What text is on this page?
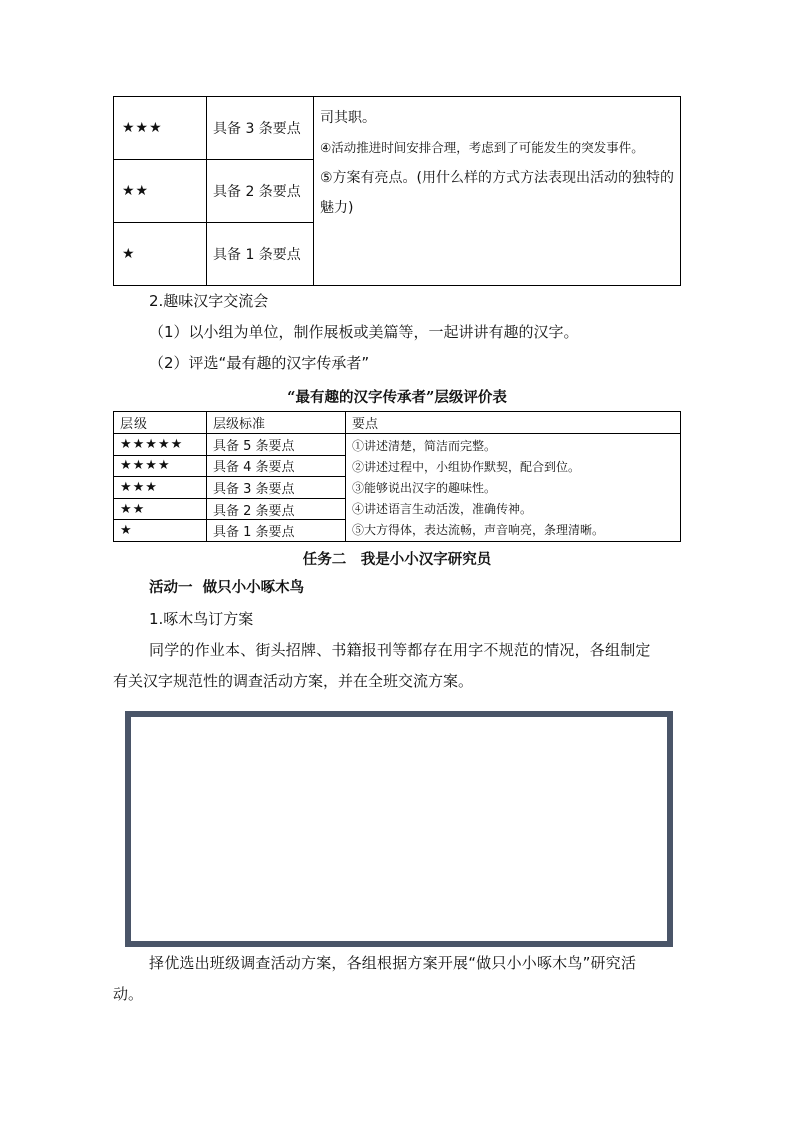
★★★	具备 3 条要点	司其职。
④活动推进时间安排合理，考虑到了可能发生的突发事件。
⑤方案有亮点。(用什么样的方式方法表现出活动的独特的魅力)

★★	具备 2 条要点	
★	具备 1 条要点	
2.趣味汉字交流会
（1）以小组为单位，制作展板或美篇等，一起讲讲有趣的汉字。
（2）评选“最有趣的汉字传承者”
“最有趣的汉字传承者”层级评价表
层级	层级标准	要点
★★★★★	具备 5 条要点	①讲述清楚，简洁而完整。
②讲述过程中，小组协作默契，配合到位。
③能够说出汉字的趣味性。
④讲述语言生动活泼，准确传神。
⑤大方得体，表达流畅，声音响亮，条理清晰。

★★★★	具备 4 条要点	
★★★	具备 3 条要点	
★★	具备 2 条要点	
★	具备 1 条要点	
任务二　我是小小汉字研究员
活动一  做只小小啄木鸟
1.啄木鸟订方案
同学的作业本、街头招牌、书籍报刊等都存在用字不规范的情况，各组制定
有关汉字规范性的调查活动方案，并在全班交流方案。
择优选出班级调查活动方案，各组根据方案开展“做只小小啄木鸟”研究活
动。
